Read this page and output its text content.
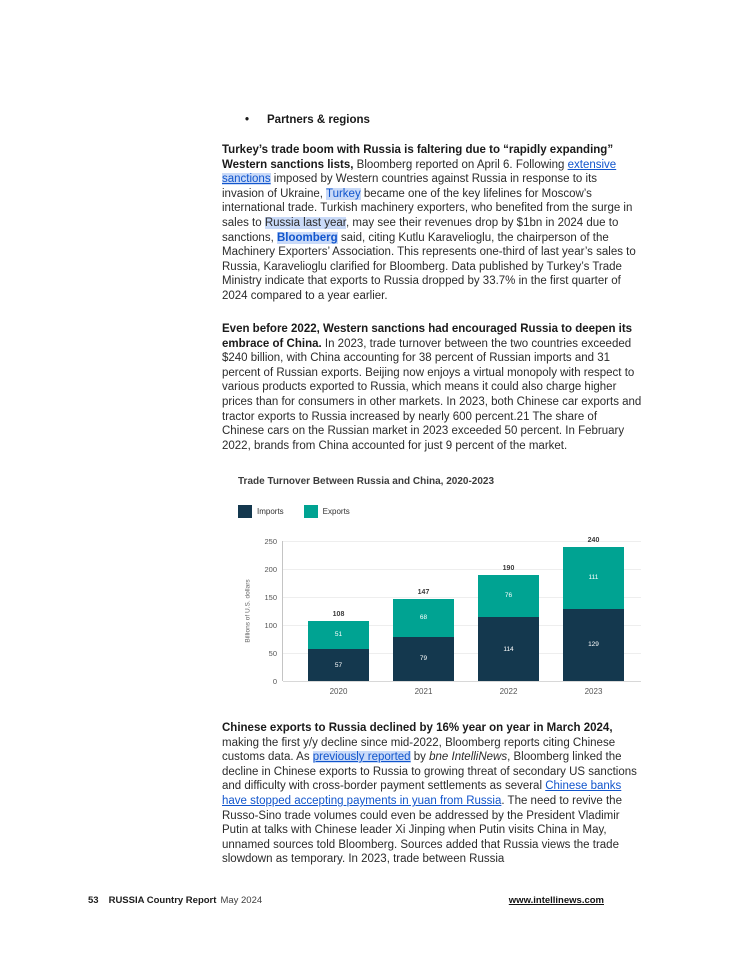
• Partners & regions

Turkey’s trade boom with Russia is faltering due to “rapidly expanding” Western sanctions lists, Bloomberg reported on April 6. Following extensive sanctions imposed by Western countries against Russia in response to its invasion of Ukraine, Turkey became one of the key lifelines for Moscow’s international trade. Turkish machinery exporters, who benefited from the surge in sales to Russia last year, may see their revenues drop by $1bn in 2024 due to sanctions, Bloomberg said, citing Kutlu Karavelioglu, the chairperson of the Machinery Exporters’ Association. This represents one-third of last year’s sales to Russia, Karavelioglu clarified for Bloomberg. Data published by Turkey’s Trade Ministry indicate that exports to Russia dropped by 33.7% in the first quarter of 2024 compared to a year earlier.

Even before 2022, Western sanctions had encouraged Russia to deepen its embrace of China. In 2023, trade turnover between the two countries exceeded $240 billion, with China accounting for 38 percent of Russian imports and 31 percent of Russian exports. Beijing now enjoys a virtual monopoly with respect to various products exported to Russia, which means it could also charge higher prices than for consumers in other markets. In 2023, both Chinese car exports and tractor exports to Russia increased by nearly 600 percent.21 The share of Chinese cars on the Russian market in 2023 exceeded 50 percent. In February 2022, brands from China accounted for just 9 percent of the market.

Trade Turnover Between Russia and China, 2020-2023
Imports	Exports
Billions of U.S. dollars
0
50
100
150
200
250
57
51
108
2020
79
68
147
2021
114
76
190
2022
129
111
240
2023

Chinese exports to Russia declined by 16% year on year in March 2024, making the first y/y decline since mid-2022, Bloomberg reports citing Chinese customs data. As previously reported by bne IntelliNews, Bloomberg linked the decline in Chinese exports to Russia to growing threat of secondary US sanctions and difficulty with cross-border payment settlements as several Chinese banks have stopped accepting payments in yuan from Russia. The need to revive the Russo-Sino trade volumes could even be addressed by the President Vladimir Putin at talks with Chinese leader Xi Jinping when Putin visits China in May, unnamed sources told Bloomberg. Sources added that Russia views the trade slowdown as temporary. In 2023, trade between Russia

53 RUSSIA Country Report May 2024	www.intellinews.com
